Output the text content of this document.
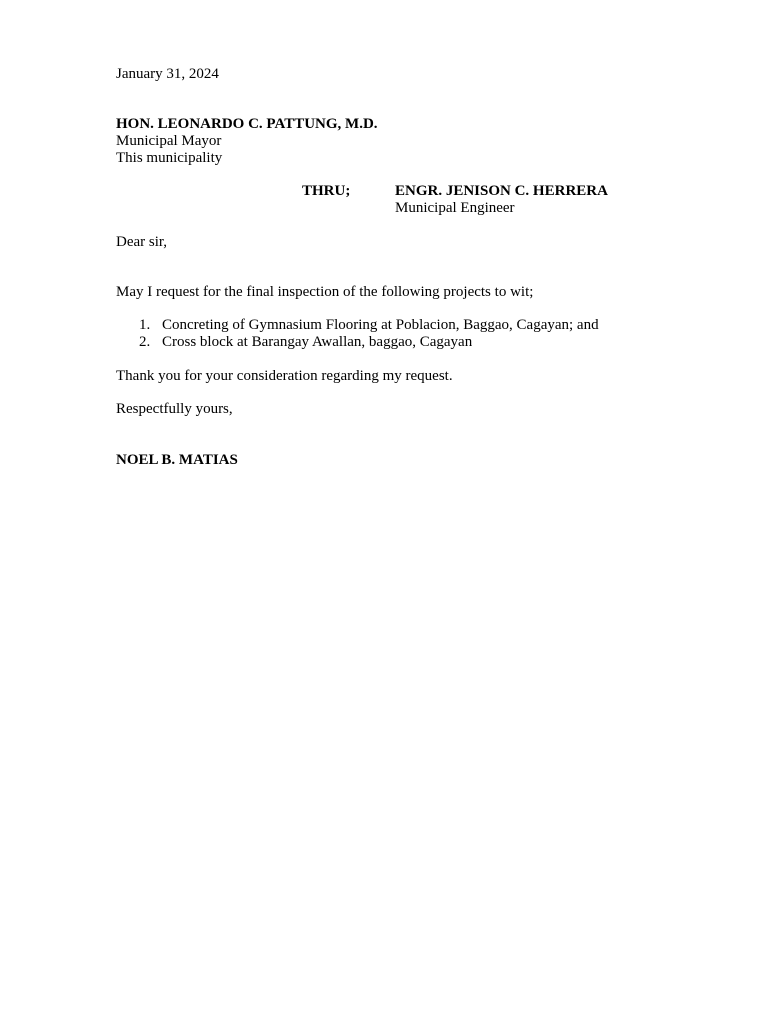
January 31, 2024
HON. LEONARDO C. PATTUNG, M.D.
Municipal Mayor
This municipality
THRU;	ENGR. JENISON C. HERRERA
Municipal Engineer
Dear sir,
May I request for the final inspection of the following projects to wit;
1. Concreting of Gymnasium Flooring at Poblacion, Baggao, Cagayan; and
2. Cross block at Barangay Awallan, baggao, Cagayan
Thank you for your consideration regarding my request.
Respectfully yours,
NOEL B. MATIAS
